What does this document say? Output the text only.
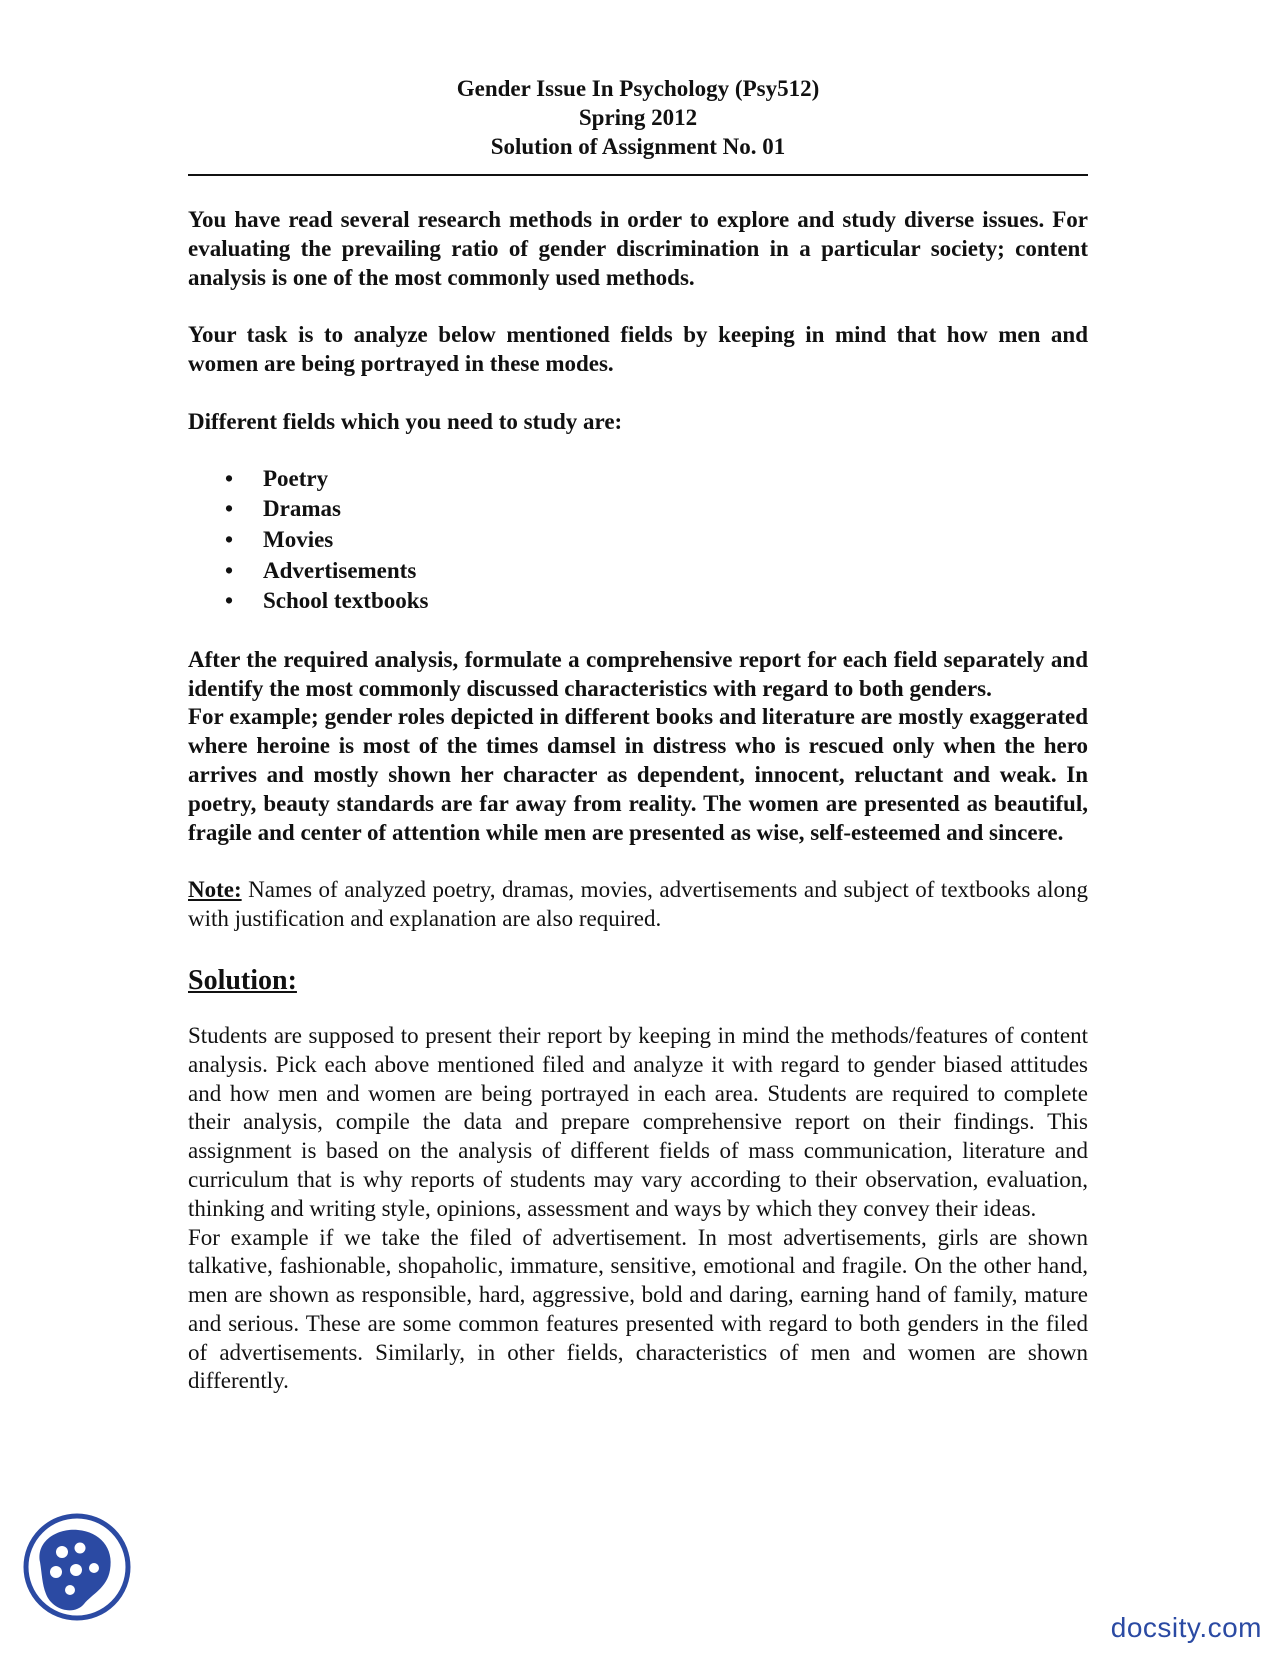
Gender Issue In Psychology (Psy512)
Spring 2012
Solution of Assignment No. 01

You have read several research methods in order to explore and study diverse issues. For evaluating the prevailing ratio of gender discrimination in a particular society; content analysis is one of the most commonly used methods.

Your task is to analyze below mentioned fields by keeping in mind that how men and women are being portrayed in these modes.

Different fields which you need to study are:

• Poetry
• Dramas
• Movies
• Advertisements
• School textbooks

After the required analysis, formulate a comprehensive report for each field separately and identify the most commonly discussed characteristics with regard to both genders.

For example; gender roles depicted in different books and literature are mostly exaggerated where heroine is most of the times damsel in distress who is rescued only when the hero arrives and mostly shown her character as dependent, innocent, reluctant and weak. In poetry, beauty standards are far away from reality. The women are presented as beautiful, fragile and center of attention while men are presented as wise, self-esteemed and sincere.

Note: Names of analyzed poetry, dramas, movies, advertisements and subject of textbooks along with justification and explanation are also required.

Solution:

Students are supposed to present their report by keeping in mind the methods/features of content analysis. Pick each above mentioned filed and analyze it with regard to gender biased attitudes and how men and women are being portrayed in each area. Students are required to complete their analysis, compile the data and prepare comprehensive report on their findings. This assignment is based on the analysis of different fields of mass communication, literature and curriculum that is why reports of students may vary according to their observation, evaluation, thinking and writing style, opinions, assessment and ways by which they convey their ideas.

For example if we take the filed of advertisement. In most advertisements, girls are shown talkative, fashionable, shopaholic, immature, sensitive, emotional and fragile. On the other hand, men are shown as responsible, hard, aggressive, bold and daring, earning hand of family, mature and serious. These are some common features presented with regard to both genders in the filed of advertisements. Similarly, in other fields, characteristics of men and women are shown differently.

docsity.com
